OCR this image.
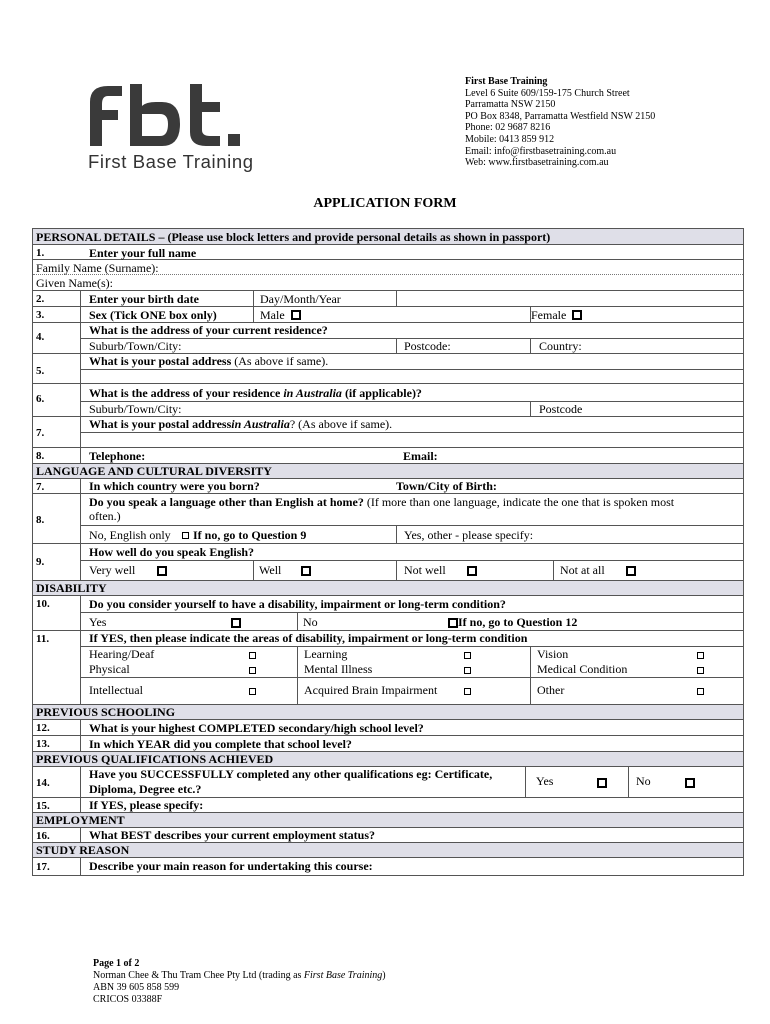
First Base Training
First Base Training
Level 6 Suite 609/159-175 Church Street
Parramatta NSW 2150
PO Box 8348, Parramatta Westfield NSW 2150
Phone: 02 9687 8216
Mobile: 0413 859 912
Email: info@firstbasetraining.com.au
Web: www.firstbasetraining.com.au
APPLICATION FORM
PERSONAL DETAILS – (Please use block letters and provide personal details as shown in passport)
1.	Enter your full name
Family Name (Surname):
Given Name(s):
2.	Enter your birth date	Day/Month/Year
3.	Sex (Tick ONE box only)	Male	Female
4.	What is the address of your current residence?
Suburb/Town/City:	Postcode:	Country:
5.
What is your postal address (As above if same).
6.	What is the address of your residence in Australia (if applicable)?
Suburb/Town/City:	Postcode
7.
What is your postal addressin Australia? (As above if same).
8.	Telephone:	Email:
LANGUAGE AND CULTURAL DIVERSITY
7.	In which country were you born?	Town/City of Birth:
8.
Do you speak a language other than English at home? (If more than one language, indicate the one that is spoken most
often.)
No, English only If no, go to Question 9	Yes, other - please specify:
9.
How well do you speak English?
Very well	Well	Not well	Not at all
DISABILITY
10.	Do you consider yourself to have a disability, impairment or long-term condition?
Yes	No	If no, go to Question 12
11.	If YES, then please indicate the areas of disability, impairment or long-term condition
Hearing/Deaf	Learning	Vision
Physical	Mental Illness	Medical Condition
Intellectual	Acquired Brain Impairment	Other
PREVIOUS SCHOOLING
12.	What is your highest COMPLETED secondary/high school level?
13.	In which YEAR did you complete that school level?
PREVIOUS QUALIFICATIONS ACHIEVED
14.
Have you SUCCESSFULLY completed any other qualifications eg: Certificate,
Diploma, Degree etc.?
Yes	No
15.	If YES, please specify:
EMPLOYMENT
16.	What BEST describes your current employment status?
STUDY REASON
17.	Describe your main reason for undertaking this course:
Page 1 of 2
Norman Chee & Thu Tram Chee Pty Ltd (trading as First Base Training)
ABN 39 605 858 599
CRICOS 03388F
